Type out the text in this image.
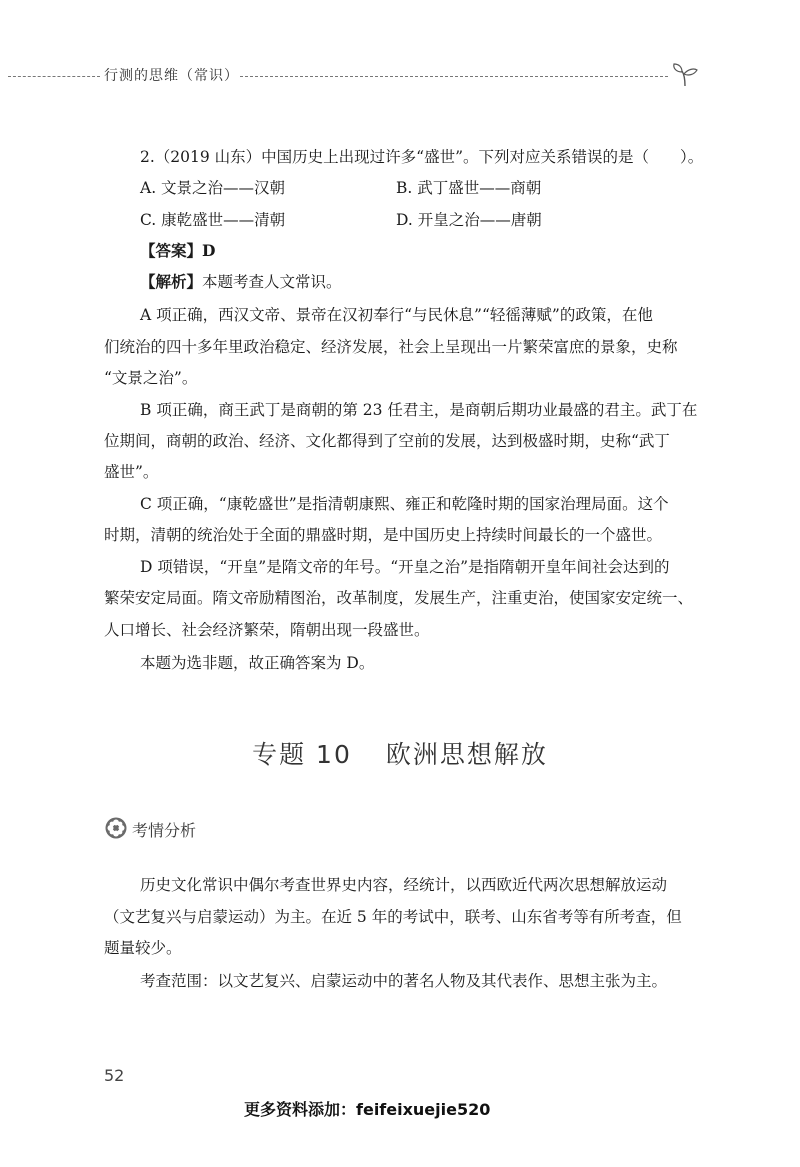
行测的思维（常识）
2.（2019 山东）中国历史上出现过许多“盛世”。下列对应关系错误的是（　　）。
A. 文景之治——汉朝	B. 武丁盛世——商朝
C. 康乾盛世——清朝	D. 开皇之治——唐朝
【答案】D
【解析】本题考查人文常识。
A 项正确，西汉文帝、景帝在汉初奉行“与民休息”“轻徭薄赋”的政策，在他
们统治的四十多年里政治稳定、经济发展，社会上呈现出一片繁荣富庶的景象，史称
“文景之治”。
B 项正确，商王武丁是商朝的第 23 任君主，是商朝后期功业最盛的君主。武丁在
位期间，商朝的政治、经济、文化都得到了空前的发展，达到极盛时期，史称“武丁
盛世”。
C 项正确，“康乾盛世”是指清朝康熙、雍正和乾隆时期的国家治理局面。这个
时期，清朝的统治处于全面的鼎盛时期，是中国历史上持续时间最长的一个盛世。
D 项错误，“开皇”是隋文帝的年号。“开皇之治”是指隋朝开皇年间社会达到的
繁荣安定局面。隋文帝励精图治，改革制度，发展生产，注重吏治，使国家安定统一、
人口增长、社会经济繁荣，隋朝出现一段盛世。
本题为选非题，故正确答案为 D。
专题 10 欧洲思想解放
考情分析
历史文化常识中偶尔考查世界史内容，经统计，以西欧近代两次思想解放运动
（文艺复兴与启蒙运动）为主。在近 5 年的考试中，联考、山东省考等有所考查，但
题量较少。
考查范围：以文艺复兴、启蒙运动中的著名人物及其代表作、思想主张为主。
52
更多资料添加：feifeixuejie520
